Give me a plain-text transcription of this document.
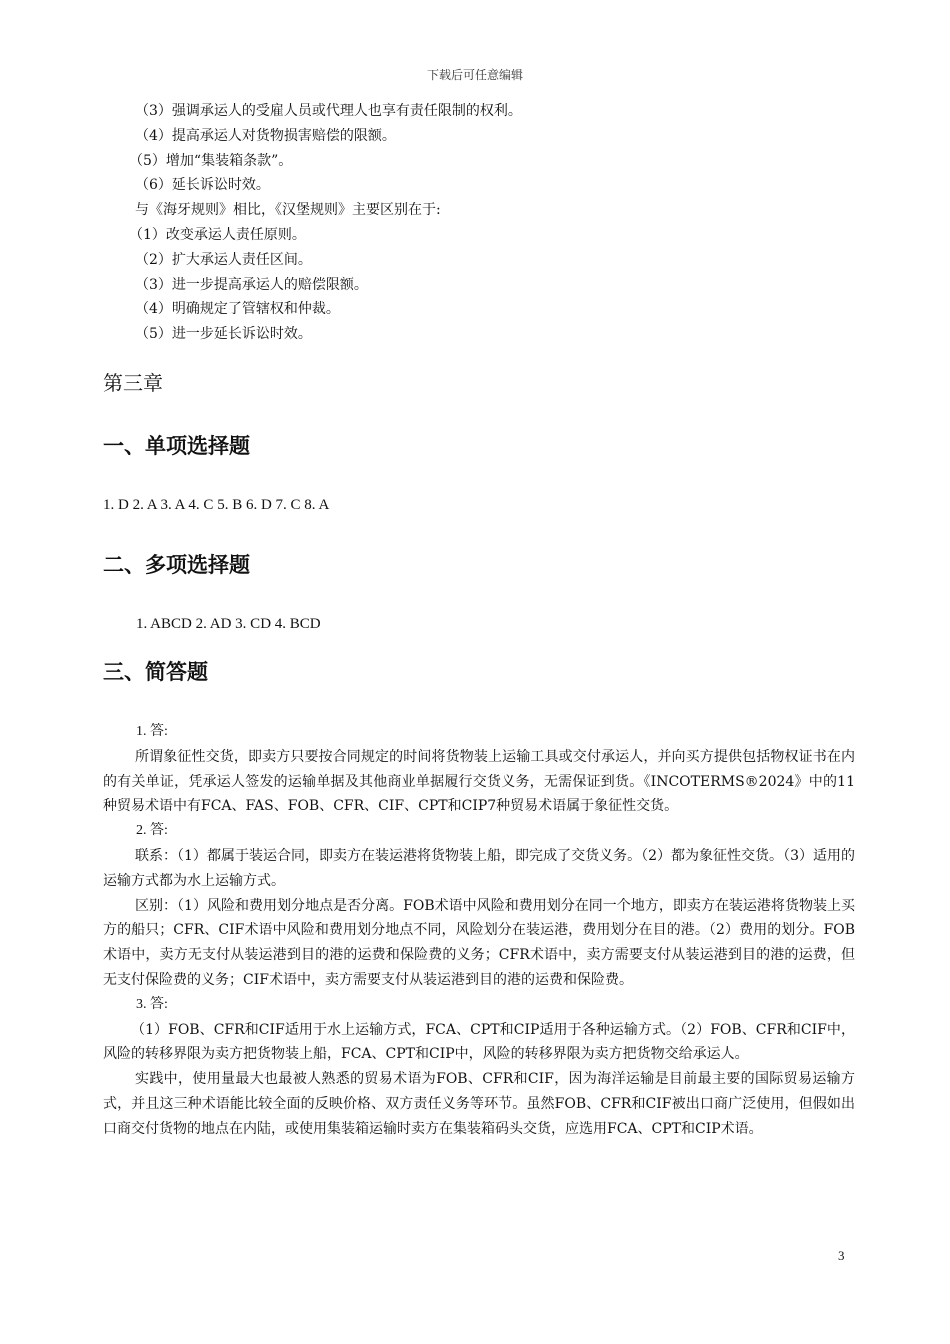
下载后可任意编辑
（3）强调承运人的受雇人员或代理人也享有责任限制的权利。
（4）提高承运人对货物损害赔偿的限额。
（5）增加“集装箱条款”。
（6）延长诉讼时效。
与《海牙规则》相比，《汉堡规则》主要区别在于:
（1）改变承运人责任原则。
（2）扩大承运人责任区间。
（3）进一步提高承运人的赔偿限额。
（4）明确规定了管辖权和仲裁。
（5）进一步延长诉讼时效。
第三章
一、单项选择题
1. D 2. A 3. A 4. C 5. B 6. D 7. C 8. A
二、多项选择题
1. ABCD 2. AD 3. CD 4. BCD
三、简答题
1. 答:
所谓象征性交货，即卖方只要按合同规定的时间将货物装上运输工具或交付承运人，并向买方提供包括物权证书在内的有关单证，凭承运人签发的运输单据及其他商业单据履行交货义务，无需保证到货。《INCOTERMS®2024》中的11种贸易术语中有FCA、FAS、FOB、CFR、CIF、CPT和CIP7种贸易术语属于象征性交货。
2. 答:
联系：（1）都属于装运合同，即卖方在装运港将货物装上船，即完成了交货义务。（2）都为象征性交货。（3）适用的运输方式都为水上运输方式。
区别：（1）风险和费用划分地点是否分离。FOB术语中风险和费用划分在同一个地方，即卖方在装运港将货物装上买方的船只；CFR、CIF术语中风险和费用划分地点不同，风险划分在装运港，费用划分在目的港。（2）费用的划分。FOB术语中，卖方无支付从装运港到目的港的运费和保险费的义务；CFR术语中，卖方需要支付从装运港到目的港的运费，但无支付保险费的义务；CIF术语中，卖方需要支付从装运港到目的港的运费和保险费。
3. 答:
（1）FOB、CFR和CIF适用于水上运输方式，FCA、CPT和CIP适用于各种运输方式。（2）FOB、CFR和CIF中，风险的转移界限为卖方把货物装上船，FCA、CPT和CIP中，风险的转移界限为卖方把货物交给承运人。
实践中，使用量最大也最被人熟悉的贸易术语为FOB、CFR和CIF，因为海洋运输是目前最主要的国际贸易运输方式，并且这三种术语能比较全面的反映价格、双方责任义务等环节。虽然FOB、CFR和CIF被出口商广泛使用，但假如出口商交付货物的地点在内陆，或使用集装箱运输时卖方在集装箱码头交货，应选用FCA、CPT和CIP术语。
3
